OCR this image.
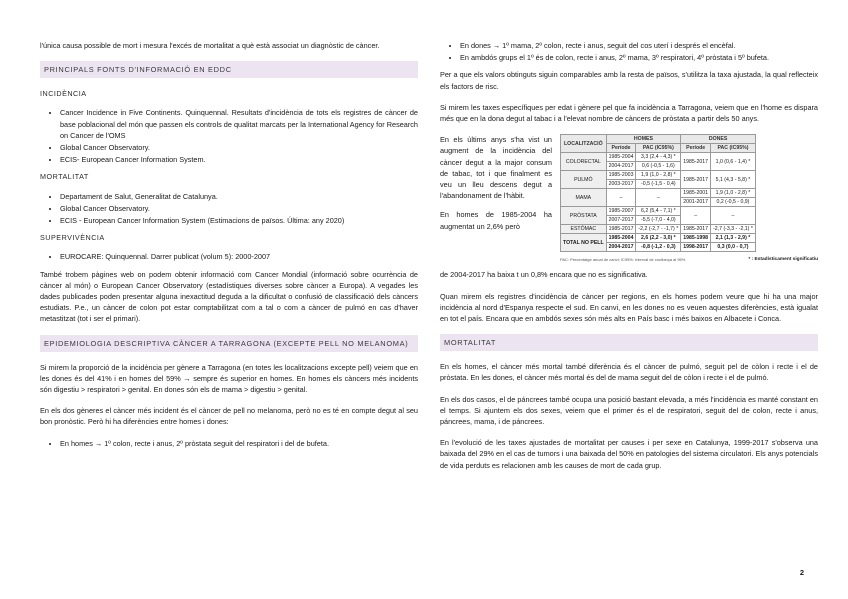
l'única causa possible de mort i mesura l'excés de mortalitat a què està associat un diagnòstic de càncer.

PRINCIPALS FONTS D'INFORMACIÓ EN EDDC
INCIDÈNCIA
• Cancer Incidence in Five Continents. Quinquennal. Resultats d'incidència de tots els registres de càncer de base poblacional del món que passen els controls de qualitat marcats per la International Agency for Research on Cancer de l'OMS
• Global Cancer Observatory.
• ECIS- European Cancer Information System.
MORTALITAT
• Departament de Salut, Generalitat de Catalunya.
• Global Cancer Observatory.
• ECIS - European Cancer Information System (Estimacions de països. Última: any 2020)
SUPERVIVÈNCIA
• EUROCARE: Quinquennal. Darrer publicat (volum 5): 2000-2007

També trobem pàgines web on podem obtenir informació com Cancer Mondial (informació sobre ocurrència de càncer al món) o European Cancer Observatory (estadístiques diverses sobre càncer a Europa). A vegades les dades publicades poden presentar alguna inexactitud deguda a la dificultat o confusió de classificació dels càncers estudiats. P.e., un càncer de colon pot estar comptabilitzat com a tal o com a càncer de pulmó en cas d'haver metastitzat (tot i ser el primari).

EPIDEMIOLOGIA DESCRIPTIVA CÀNCER A TARRAGONA (EXCEPTE PELL NO MELANOMA)

Si mirem la proporció de la incidència per gènere a Tarragona (en totes les localitzacions excepte pell) veiem que en les dones és del 41% i en homes del 59% → sempre és superior en homes. En homes els càncers més incidents són digestiu > respiratori > genital. En dones són els de mama > digestiu > genital.

En els dos gèneres el càncer més incident és el càncer de pell no melanoma, però no es té en compte degut al seu bon pronòstic. Però hi ha diferències entre homes i dones:

• En homes → 1º colon, recte i anus, 2º pròstata seguit del respiratori i del de bufeta.
• En dones → 1º mama, 2º colon, recte i anus, seguit del cos uterí i després el encèfal.
• En ambdós grups el 1º és de colon, recte i anus, 2º mama, 3º respiratori, 4º pròstata i 5º bufeta.

Per a que els valors obtinguts siguin comparables amb la resta de països, s'utilitza la taxa ajustada, la qual reflecteix els factors de risc.

Si mirem les taxes específiques per edat i gènere pel que fa incidència a Tarragona, veiem que en l'home es dispara més que en la dona degut al tabac i a l'elevat nombre de càncers de pròstata a partir dels 50 anys.

En els últims anys s'ha vist un augment de la incidència del càncer degut a la major consum de tabac, tot i que finalment es veu un lleu descens degut a l'abandonament de l'hàbit.

En homes de 1985-2004 ha augmentat un 2,6% però

LOCALITZACIÓ	HOMES		DONES	
	Període	PAC (IC95%)	Període	PAC (IC95%)
COLORECTAL	1985-2004	3,3 (2,4 - 4,3) *	1985-2017	1,0 (0,6 - 1,4) *
	2004-2017	0,6 (-0,5 - 1,6)		
PULMÓ	1985-2003	1,9 (1,0 - 2,8) *	1985-2017	5,1 (4,3 - 5,8) *
	2003-2017	-0,5 (-1,5 - 0,4)		
MAMA	–	–	1985-2001	1,9 (1,0 - 2,8) *
			2001-2017	0,2 (-0,5 - 0,9)
PRÒSTATA	1985-2007	6,2 (5,4 - 7,1) *	–	–
	2007-2017	-5,5 (-7,0 - 4,0)		
ESTÒMAC	1985-2017	-2,2 (-2,7 - -1,7) *	1985-2017	-2,7 (-3,3 - -2,1) *
TOTAL NO PELL	1985-2004	2,6 (2,2 - 3,0) *	1985-1998	2,1 (1,3 - 2,9) *
	2004-2017	-0,8 (-1,2 - 0,3)	1998-2017	0,3 (0,0 - 0,7)
PAC: Percentatge anual de canvi; IC95%: Interval de confiança al 95%	* : Estadísticament significatiu

de 2004-2017 ha baixa t un 0,8% encara que no es significativa.

Quan mirem els registres d'incidència de càncer per regions, en els homes podem veure que hi ha una major incidència al nord d'Espanya respecte el sud. En canvi, en les dones no es veuen aquestes diferències, està igualat en tot el país. Encara que en ambdós sexes són més alts en País basc i més baixos en Albacete i Conca.

MORTALITAT

En els homes, el càncer més mortal també diferència és el càncer de pulmó, seguit pel de còlon i recte i el de pròstata. En les dones, el càncer més mortal és del de mama seguit del de còlon i recte i el de pulmó.

En els dos casos, el de páncrees també ocupa una posició bastant elevada, a més l'incidència es manté constant en el temps. Si ajuntem els dos sexes, veiem que el primer és el de respiratori, seguit del de colon, recte i anus, páncrees, mama, i de páncrees.

En l'evolució de les taxes ajustades de mortalitat per causes i per sexe en Catalunya, 1999-2017 s'observa una baixada del 29% en el cas de tumors i una baixada del 50% en patologies del sistema circulatori. Els anys potencials de vida perduts es relacionen amb les causes de mort de cada grup.

2
